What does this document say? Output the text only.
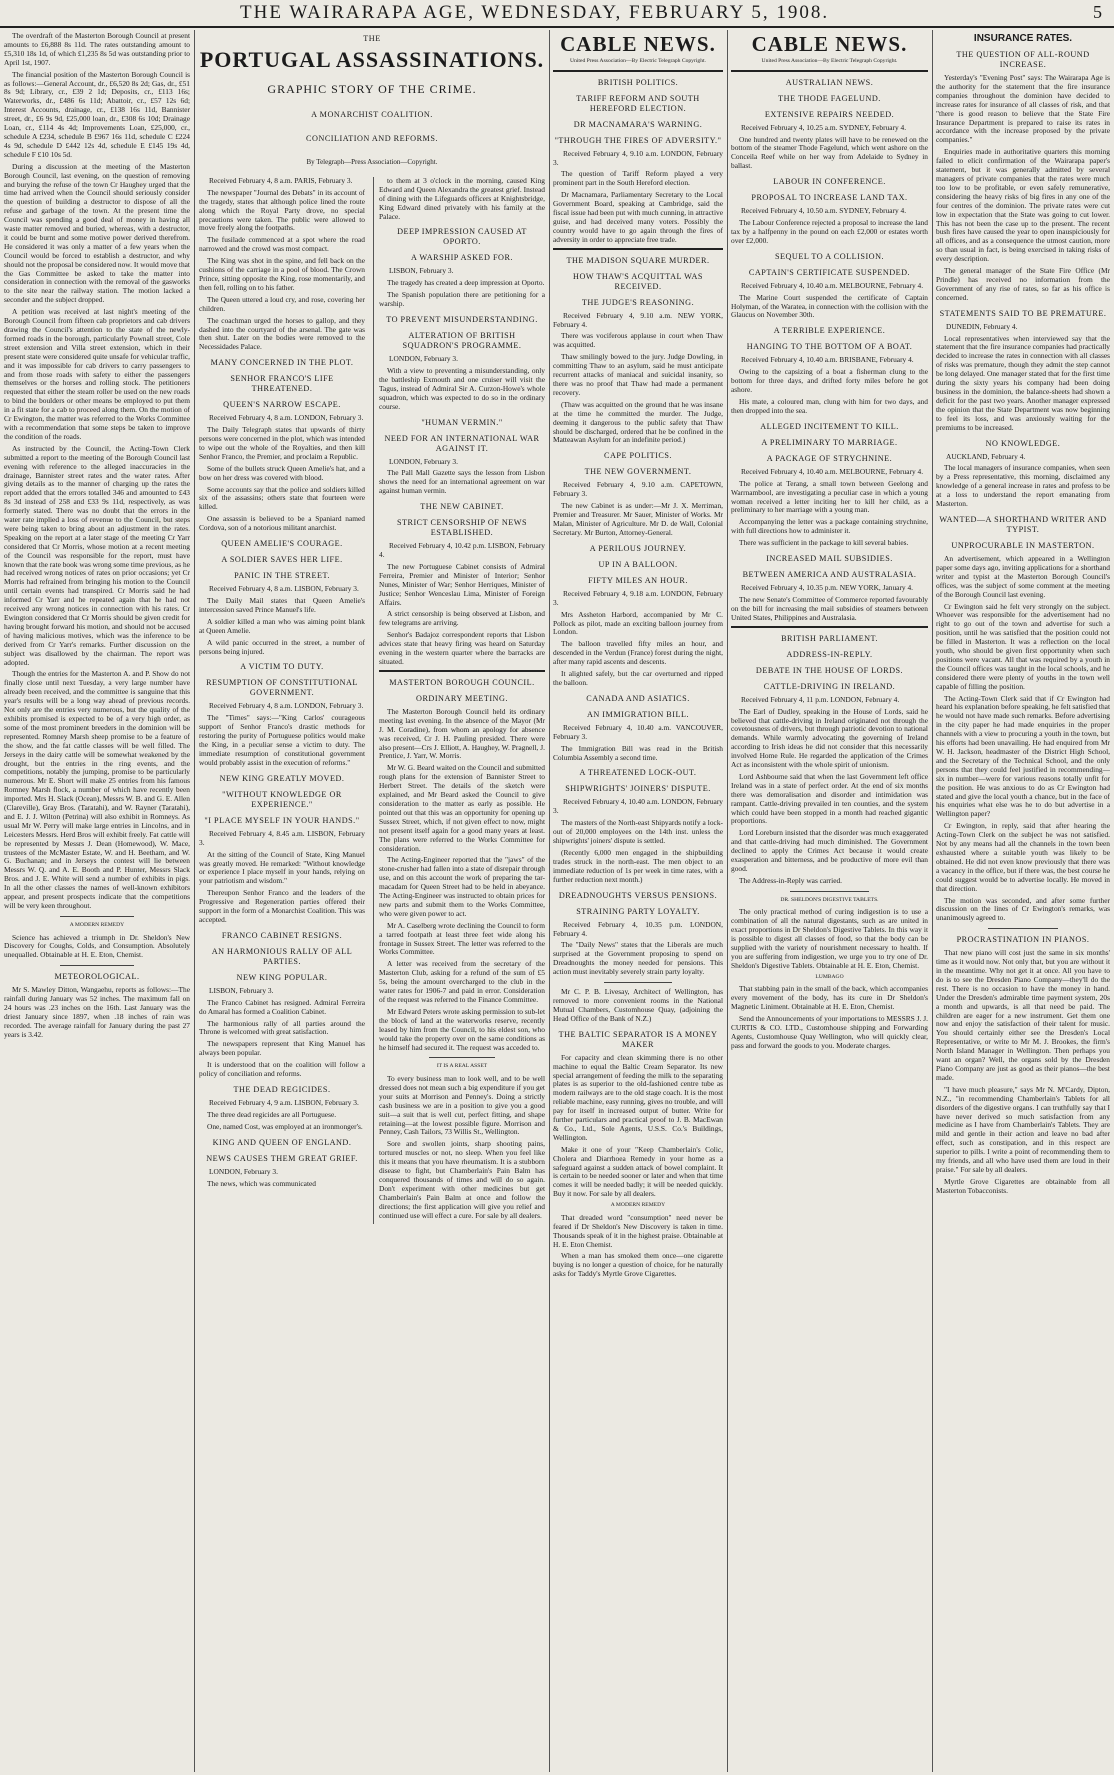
THE WAIRARAPA AGE, WEDNESDAY, FEBRUARY 5, 1908.	5

The overdraft of the Masterton Borough Council at present amounts to £6,888 8s 11d. The rates outstanding amount to £5,310 18s 1d, of which £1,235 8s 5d was outstanding prior to April 1st, 1907.

The financial position of the Masterton Borough Council is as follows:—General Account, dr., £6,520 8s 2d; Gas, dr., £51 8s 9d; Library, cr., £39 2 1d; Deposits, cr., £113 16s; Waterworks, dr., £486 6s 11d; Abattoir, cr., £57 12s 6d; Interest Accounts, drainage, cr., £138 16s 11d, Bannister street, dr., £6 9s 9d, £25,000 loan, dr., £308 6s 10d; Drainage Loan, cr., £114 4s 4d; Improvements Loan, £25,000, cr., schedule A £234, schedule B £967 16s 11d, schedule C £224 4s 9d, schedule D £442 12s 4d, schedule E £145 19s 4d, schedule F £10 10s 5d.

During a discussion at the meeting of the Masterton Borough Council, last evening, on the question of removing and burying the refuse of the town Cr Haughey urged that the time had arrived when the Council should seriously consider the question of building a destructor to dispose of all the refuse and garbage of the town. At the present time the Council was spending a good deal of money in having all waste matter removed and buried, whereas, with a destructor, it could be burnt and some motive power derived therefrom. He considered it was only a matter of a few years when the Council would be forced to establish a destructor, and why should not the proposal be considered now. It would move that the Gas Committee be asked to take the matter into consideration in connection with the removal of the gasworks to the site near the railway station. The motion lacked a seconder and the subject dropped.

A petition was received at last night's meeting of the Borough Council from fifteen cab proprietors and cab drivers drawing the Council's attention to the state of the newly-formed roads in the borough, particularly Pownall street, Cole street extension and Villa street extension, which in their present state were considered quite unsafe for vehicular traffic, and it was impossible for cab drivers to carry passengers to and from those roads with safety to either the passengers themselves or the horses and rolling stock. The petitioners requested that either the steam roller be used on the new roads to bind the boulders or other means be employed to put them in a fit state for a cab to proceed along them. On the motion of Cr Ewington, the matter was referred to the Works Committee with a recommendation that some steps be taken to improve the condition of the roads.

As instructed by the Council, the Acting-Town Clerk submitted a report to the meeting of the Borough Council last evening with reference to the alleged inaccuracies in the drainage, Bannister street rates and the water rates. After giving details as to the manner of charging up the rates the report added that the errors totalled 346 and amounted to £43 8s 3d instead of 258 and £33 9s 11d, respectively, as was formerly stated. There was no doubt that the errors in the water rate implied a loss of revenue to the Council, but steps were being taken to bring about an adjustment in the rates. Speaking on the report at a later stage of the meeting Cr Yarr considered that Cr Morris, whose motion at a recent meeting of the Council was responsible for the report, must have known that the rate book was wrong some time previous, as he had received wrong notices of rates on prior occasions; yet Cr Morris had refrained from bringing his motion to the Council until certain events had transpired. Cr Morris said he had informed Cr Yarr and he repeated again that he had not received any wrong notices in connection with his rates. Cr Ewington considered that Cr Morris should be given credit for having brought forward his motion, and should not be accused of having malicious motives, which was the inference to be derived from Cr Yarr's remarks. Further discussion on the subject was disallowed by the chairman. The report was adopted.

Though the entries for the Masterton A. and P. Show do not finally close until next Tuesday, a very large number have already been received, and the committee is sanguine that this year's results will be a long way ahead of previous records. Not only are the entries very numerous, but the quality of the exhibits promised is expected to be of a very high order, as some of the most prominent breeders in the dominion will be represented. Romney Marsh sheep promise to be a feature of the show, and the fat cattle classes will be well filled. The Jerseys in the dairy cattle will be somewhat weakened by the drought, but the entries in the ring events, and the competitions, notably the jumping, promise to be particularly numerous. Mr E. Short will make 25 entries from his famous Romney Marsh flock, a number of which have recently been imported. Mrs H. Slack (Ocean), Messrs W. B. and G. E. Allen (Clareville), Gray Bros. (Taratahi), and W. Rayner (Taratahi), and E. J. J. Wilton (Petrina) will also exhibit in Romneys. As usual Mr W. Perry will make large entries in Lincolns, and in Leicesters Messrs. Herd Bros will exhibit freely. Fat cattle will be represented by Messrs J. Dean (Homewood), W. Mace, trustees of the McMaster Estate, W. and H. Beetham, and W. G. Buchanan; and in Jerseys the contest will lie between Messrs W. Q. and A. E. Booth and P. Hunter, Messrs Slack Bros. and J. E. White will send a number of exhibits in pigs. In all the other classes the names of well-known exhibitors appear, and present prospects indicate that the competitions will be very keen throughout.

A MODERN REMEDY

Science has achieved a triumph in Dr. Sheldon's New Discovery for Coughs, Colds, and Consumption. Absolutely unequalled. Obtainable at H. E. Eton, Chemist.

METEOROLOGICAL.

Mr S. Mawley Ditton, Wangaehu, reports as follows:—The rainfall during January was 52 inches. The maximum fall on 24 hours was .23 inches on the 16th. Last January was the driest January since 1897, when .18 inches of rain was recorded. The average rainfall for January during the past 27 years is 3.42.

THE
PORTUGAL ASSASSINATIONS.
GRAPHIC STORY OF THE CRIME.
A MONARCHIST COALITION.
CONCILIATION AND REFORMS.
By Telegraph—Press Association—Copyright.

Received February 4, 8 a.m. PARIS, February 3.

The newspaper "Journal des Debats" in its account of the tragedy, states that although police lined the route along which the Royal Party drove, no special precautions were taken. The public were allowed to move freely along the footpaths.

The fusilade commenced at a spot where the road narrowed and the crowd was most compact.

The King was shot in the spine, and fell back on the cushions of the carriage in a pool of blood. The Crown Prince, sitting opposite the King, rose momentarily, and then fell, rolling on to his father.

The Queen uttered a loud cry, and rose, covering her children.

The coachman urged the horses to gallop, and they dashed into the courtyard of the arsenal. The gate was then shut. Later on the bodies were removed to the Necessidades Palace.

MANY CONCERNED IN THE PLOT.
SENHOR FRANCO'S LIFE THREATENED.
QUEEN'S NARROW ESCAPE.

Received February 4, 8 a.m. LONDON, February 3.

The Daily Telegraph states that upwards of thirty persons were concerned in the plot, which was intended to wipe out the whole of the Royalties, and then kill Senhor Franco, the Premier, and proclaim a Republic.

Some of the bullets struck Queen Amelie's hat, and a bow on her dress was covered with blood.

Some accounts say that the police and soldiers killed six of the assassins; others state that fourteen were killed.

One assassin is believed to be a Spaniard named Cordova, son of a notorious militant anarchist.

QUEEN AMELIE'S COURAGE.
A SOLDIER SAVES HER LIFE.
PANIC IN THE STREET.

Received February 4, 8 a.m. LISBON, February 3.

The Daily Mail states that Queen Amelie's intercession saved Prince Manuel's life.

A soldier killed a man who was aiming point blank at Queen Amelie.

A wild panic occurred in the street, a number of persons being injured.

A VICTIM TO DUTY.
RESUMPTION OF CONSTITUTIONAL GOVERNMENT.

Received February 4, 8 a.m. LONDON, February 3.

The "Times" says:—"King Carlos' courageous support of Senhor Franco's drastic methods for restoring the purity of Portuguese politics would make the King, in a peculiar sense a victim to duty. The immediate resumption of constitutional government would probably assist in the execution of reforms."

NEW KING GREATLY MOVED.
"WITHOUT KNOWLEDGE OR EXPERIENCE."
"I PLACE MYSELF IN YOUR HANDS."

Received February 4, 8.45 a.m. LISBON, February 3.

At the sitting of the Council of State, King Manuel was greatly moved. He remarked: "Without knowledge or experience I place myself in your hands, relying on your patriotism and wisdom."

Thereupon Senhor Franco and the leaders of the Progressive and Regeneration parties offered their support in the form of a Monarchist Coalition. This was accepted.

FRANCO CABINET RESIGNS.
AN HARMONIOUS RALLY OF ALL PARTIES.
NEW KING POPULAR.

LISBON, February 3.

The Franco Cabinet has resigned. Admiral Ferreira do Amaral has formed a Coalition Cabinet.

The harmonious rally of all parties around the Throne is welcomed with great satisfaction.

The newspapers represent that King Manuel has always been popular.

It is understood that on the coalition will follow a policy of conciliation and reforms.

THE DEAD REGICIDES.

Received February 4, 9 a.m. LISBON, February 3.

The three dead regicides are all Portuguese.

One, named Cost, was employed at an ironmonger's.

KING AND QUEEN OF ENGLAND.
NEWS CAUSES THEM GREAT GRIEF.

LONDON, February 3.

The news, which was communicated

to them at 3 o'clock in the morning, caused King Edward and Queen Alexandra the greatest grief. Instead of dining with the Lifeguards officers at Knightsbridge, King Edward dined privately with his family at the Palace.

DEEP IMPRESSION CAUSED AT OPORTO.
A WARSHIP ASKED FOR.

LISBON, February 3.

The tragedy has created a deep impression at Oporto.

The Spanish population there are petitioning for a warship.

TO PREVENT MISUNDERSTANDING.
ALTERATION OF BRITISH SQUADRON'S PROGRAMME.

LONDON, February 3.

With a view to preventing a misunderstanding, only the battleship Exmouth and one cruiser will visit the Tagus, instead of Admiral Sir A. Curzon-Howe's whole squadron, which was expected to do so in the ordinary course.

"HUMAN VERMIN."
NEED FOR AN INTERNATIONAL WAR AGAINST IT.

LONDON, February 3.

The Pall Mall Gazette says the lesson from Lisbon shows the need for an international agreement on war against human vermin.

THE NEW CABINET.
STRICT CENSORSHIP OF NEWS ESTABLISHED.

Received February 4, 10.42 p.m. LISBON, February 4.

The new Portuguese Cabinet consists of Admiral Ferreira, Premier and Minister of Interior; Senhor Nunes, Minister of War; Senhor Herriques, Minister of Justice; Senhor Wenceslau Lima, Minister of Foreign Affairs.

A strict censorship is being observed at Lisbon, and few telegrams are arriving.

Senhor's Badajoz correspondent reports that Lisbon advices state that heavy firing was heard on Saturday evening in the western quarter where the barracks are situated.

MASTERTON BOROUGH COUNCIL.
ORDINARY MEETING.

The Masterton Borough Council held its ordinary meeting last evening. In the absence of the Mayor (Mr J. M. Coradine), from whom an apology for absence was received, Cr J. H. Pauling presided. There were also present—Crs J. Elliott, A. Haughey, W. Pragnell, J. Prentice, J. Yarr, W. Morris.

Mr W. G. Beard waited on the Council and submitted rough plans for the extension of Bannister Street to Herbert Street. The details of the sketch were explained, and Mr Beard asked the Council to give consideration to the matter as early as possible. He pointed out that this was an opportunity for opening up Sussex Street, which, if not given effect to now, might not present itself again for a good many years at least. The plans were referred to the Works Committee for consideration.

The Acting-Engineer reported that the "jaws" of the stone-crusher had fallen into a state of disrepair through use, and on this account the work of preparing the tar-macadam for Queen Street had to be held in abeyance. The Acting-Engineer was instructed to obtain prices for new parts and submit them to the Works Committee, who were given power to act.

Mr A. Caselberg wrote declining the Council to form a tarred footpath at least three feet wide along his frontage in Sussex Street. The letter was referred to the Works Committee.

A letter was received from the secretary of the Masterton Club, asking for a refund of the sum of £5 5s, being the amount overcharged to the club in the water rates for 1906-7 and paid in error. Consideration of the request was referred to the Finance Committee.

Mr Edward Peters wrote asking permission to sub-let the block of land at the waterworks reserve, recently leased by him from the Council, to his eldest son, who would take the property over on the same conditions as he himself had secured it. The request was acceded to.

IT IS A REAL ASSET

To every business man to look well, and to be well dressed does not mean such a big expenditure if you get your suits at Morrison and Penney's. Doing a strictly cash business we are in a position to give you a good suit—a suit that is well cut, perfect fitting, and shape retaining—at the lowest possible figure. Morrison and Penney, Cash Tailors, 73 Willis St., Wellington.

Sore and swollen joints, sharp shooting pains, tortured muscles or not, no sleep. When you feel like this it means that you have rheumatism. It is a stubborn disease to fight, but Chamberlain's Pain Balm has conquered thousands of times and will do so again. Don't experiment with other medicines but get Chamberlain's Pain Balm at once and follow the directions; the first application will give you relief and continued use will effect a cure. For sale by all dealers.

CABLE NEWS.
United Press Association—By Electric Telegraph Copyright.
BRITISH POLITICS.
TARIFF REFORM AND SOUTH HEREFORD ELECTION.
DR MACNAMARA'S WARNING.
"THROUGH THE FIRES OF ADVERSITY."

Received February 4, 9.10 a.m. LONDON, February 3.

The question of Tariff Reform played a very prominent part in the South Hereford election.

Dr Macnamara, Parliamentary Secretary to the Local Government Board, speaking at Cambridge, said the fiscal issue had been put with much cunning, in attractive guise, and had deceived many voters. Possibly the country would have to go again through the fires of adversity in order to appreciate free trade.

THE MADISON SQUARE MURDER.
HOW THAW'S ACQUITTAL WAS RECEIVED.
THE JUDGE'S REASONING.

Received February 4, 9.10 a.m. NEW YORK, February 4.

There was vociferous applause in court when Thaw was acquitted.

Thaw smilingly bowed to the jury. Judge Dowling, in committing Thaw to an asylum, said he must anticipate recurrent attacks of maniacal and suicidal insanity, so there was no proof that Thaw had made a permanent recovery.

(Thaw was acquitted on the ground that he was insane at the time he committed the murder. The Judge, deeming it dangerous to the public safety that Thaw should be discharged, ordered that he be confined in the Matteawan Asylum for an indefinite period.)

CAPE POLITICS.
THE NEW GOVERNMENT.

Received February 4, 9.10 a.m. CAPETOWN, February 3.

The new Cabinet is as under:—Mr J. X. Merriman, Premier and Treasurer. Mr Sauer, Minister of Works. Mr Malan, Minister of Agriculture. Mr D. de Wall, Colonial Secretary. Mr Burton, Attorney-General.

A PERILOUS JOURNEY.
UP IN A BALLOON.
FIFTY MILES AN HOUR.

Received February 4, 9.18 a.m. LONDON, February 3.

Mrs Assheton Harbord, accompanied by Mr C. Pollock as pilot, made an exciting balloon journey from London.

The balloon travelled fifty miles an hour, and descended in the Verdun (France) forest during the night, after many rapid ascents and descents.

It alighted safely, but the car overturned and ripped the balloon.

CANADA AND ASIATICS.
AN IMMIGRATION BILL.

Received February 4, 10.40 a.m. VANCOUVER, February 3.

The Immigration Bill was read in the British Columbia Assembly a second time.

A THREATENED LOCK-OUT.
SHIPWRIGHTS' JOINERS' DISPUTE.

Received February 4, 10.40 a.m. LONDON, February 3.

The masters of the North-east Shipyards notify a lock-out of 20,000 employees on the 14th inst. unless the shipwrights' joiners' dispute is settled.

(Recently 6,000 men engaged in the shipbuilding trades struck in the north-east. The men object to an immediate reduction of 1s per week in time rates, with a further reduction next month.)

DREADNOUGHTS VERSUS PENSIONS.
STRAINING PARTY LOYALTY.

Received February 4, 10.35 p.m. LONDON, February 4.

The "Daily News" states that the Liberals are much surprised at the Government proposing to spend on Dreadnoughts the money needed for pensions. This action must inevitably severely strain party loyalty.

Mr C. P. B. Livesay, Architect of Wellington, has removed to more convenient rooms in the National Mutual Chambers, Customhouse Quay, (adjoining the Head Office of the Bank of N.Z.)

THE BALTIC SEPARATOR IS A MONEY MAKER

For capacity and clean skimming there is no other machine to equal the Baltic Cream Separator. Its new special arrangement of feeding the milk to the separating plates is as superior to the old-fashioned centre tube as modern railways are to the old stage coach. It is the most reliable machine, easy running, gives no trouble, and will pay for itself in increased output of butter. Write for further particulars and practical proof to J. B. MacEwan & Co., Ltd., Sole Agents, U.S.S. Co.'s Buildings, Wellington.

Make it one of your "Keep Chamberlain's Colic, Cholera and Diarrhoea Remedy in your home as a safeguard against a sudden attack of bowel complaint. It is certain to be needed sooner or later and when that time comes it will be needed badly; it will be needed quickly. Buy it now. For sale by all dealers.

A MODERN REMEDY

That dreaded word "consumption" need never be feared if Dr Sheldon's New Discovery is taken in time. Thousands speak of it in the highest praise. Obtainable at H. E. Eton Chemist.

When a man has smoked them once—one cigarette buying is no longer a question of choice, for he naturally asks for Taddy's Myrtle Grove Cigarettes.

CABLE NEWS.
United Press Association—By Electric Telegraph Copyright.
AUSTRALIAN NEWS.
THE THODE FAGELUND.
EXTENSIVE REPAIRS NEEDED.

Received February 4, 10.25 a.m. SYDNEY, February 4.

One hundred and twenty plates will have to be renewed on the bottom of the steamer Thode Fagelund, which went ashore on the Conceila Reef while on her way from Adelaide to Sydney in ballast.

LABOUR IN CONFERENCE.
PROPOSAL TO INCREASE LAND TAX.

Received February 4, 10.50 a.m. SYDNEY, February 4.

The Labour Conference rejected a proposal to increase the land tax by a halfpenny in the pound on each £2,000 or estates worth over £2,000.

SEQUEL TO A COLLISION.
CAPTAIN'S CERTIFICATE SUSPENDED.

Received February 4, 10.40 a.m. MELBOURNE, February 4.

The Marine Court suspended the certificate of Captain Holyman, of the Waratea, in connection with the collision with the Glaucus on November 30th.

A TERRIBLE EXPERIENCE.
HANGING TO THE BOTTOM OF A BOAT.

Received February 4, 10.40 a.m. BRISBANE, February 4.

Owing to the capsizing of a boat a fisherman clung to the bottom for three days, and drifted forty miles before he got ashore.

His mate, a coloured man, clung with him for two days, and then dropped into the sea.

ALLEGED INCITEMENT TO KILL.
A PRELIMINARY TO MARRIAGE.
A PACKAGE OF STRYCHNINE.

Received February 4, 10.40 a.m. MELBOURNE, February 4.

The police at Terang, a small town between Geelong and Warrnambool, are investigating a peculiar case in which a young woman received a letter inciting her to kill her child, as a preliminary to her marriage with a young man.

Accompanying the letter was a package containing strychnine, with full directions how to administer it.

There was sufficient in the package to kill several babies.

INCREASED MAIL SUBSIDIES.
BETWEEN AMERICA AND AUSTRALASIA.

Received February 4, 10.35 p.m. NEW YORK, January 4.

The new Senate's Committee of Commerce reported favourably on the bill for increasing the mail subsidies of steamers between United States, Philippines and Australasia.

BRITISH PARLIAMENT.
ADDRESS-IN-REPLY.
DEBATE IN THE HOUSE OF LORDS.
CATTLE-DRIVING IN IRELAND.

Received February 4, 11 p.m. LONDON, February 4.

The Earl of Dudley, speaking in the House of Lords, said he believed that cattle-driving in Ireland originated not through the covetousness of drivers, but through patriotic devotion to national demands. While warmly advocating the governing of Ireland according to Irish ideas he did not consider that this necessarily involved Home Rule. He regarded the application of the Crimes Act as inconsistent with the whole spirit of unionism.

Lord Ashbourne said that when the last Government left office Ireland was in a state of perfect order. At the end of six months there was demoralisation and disorder and intimidation was rampant. Cattle-driving prevailed in ten counties, and the system which could have been stopped in a month had reached gigantic proportions.

Lord Loreburn insisted that the disorder was much exaggerated and that cattle-driving had much diminished. The Government declined to apply the Crimes Act because it would create exasperation and bitterness, and be productive of more evil than good.

The Address-in-Reply was carried.

DR. SHELDON'S DIGESTIVE TABLETS.

The only practical method of curing indigestion is to use a combination of all the natural digestants, such as are united in exact proportions in Dr Sheldon's Digestive Tablets. In this way it is possible to digest all classes of food, so that the body can be supplied with the variety of nourishment necessary to health. If you are suffering from indigestion, we urge you to try one of Dr. Sheldon's Digestive Tablets. Obtainable at H. E. Eton, Chemist.

LUMBAGO

That stabbing pain in the small of the back, which accompanies every movement of the body, has its cure in Dr Sheldon's Magnetic Liniment. Obtainable at H. E. Eton, Chemist.

Send the Announcements of your importations to MESSRS J. J. CURTIS & CO. LTD., Customhouse shipping and Forwarding Agents, Customhouse Quay Wellington, who will quickly clear, pass and forward the goods to you. Moderate charges.

INSURANCE RATES.
THE QUESTION OF ALL-ROUND INCREASE.

Yesterday's "Evening Post" says: The Wairarapa Age is the authority for the statement that the fire insurance companies throughout the dominion have decided to increase rates for insurance of all classes of risk, and that "there is good reason to believe that the State Fire Insurance Department is prepared to raise its rates in accordance with the increase proposed by the private companies."

Enquiries made in authoritative quarters this morning failed to elicit confirmation of the Wairarapa paper's statement, but it was generally admitted by several managers of private companies that the rates were much too low to be profitable, or even safely remunerative, considering the heavy risks of big fires in any one of the four centres of the dominion. The private rates were cut low in expectation that the State was going to cut lower. This has not been the case up to the present. The recent bush fires have caused the year to open inauspiciously for all offices, and as a consequence the utmost caution, more so than usual in fact, is being exercised in taking risks of every description.

The general manager of the State Fire Office (Mr Prindle) has received no information from the Government of any rise of rates, so far as his office is concerned.

STATEMENTS SAID TO BE PREMATURE.

DUNEDIN, February 4.

Local representatives when interviewed say that the statement that the fire insurance companies had practically decided to increase the rates in connection with all classes of risks was premature, though they admit the step cannot be long delayed. One manager stated that for the first time during the sixty years his company had been doing business in the dominion, the balance-sheets had shown a deficit for the past two years. Another manager expressed the opinion that the State Department was now beginning to feel its loss, and was anxiously waiting for the premiums to be increased.

NO KNOWLEDGE.

AUCKLAND, February 4.

The local managers of insurance companies, when seen by a Press representative, this morning, disclaimed any knowledge of a general increase in rates and profess to be at a loss to understand the report emanating from Masterton.

WANTED—A SHORTHAND WRITER AND TYPIST.
UNPROCURABLE IN MASTERTON.

An advertisement, which appeared in a Wellington paper some days ago, inviting applications for a shorthand writer and typist at the Masterton Borough Council's offices, was the subject of some comment at the meeting of the Borough Council last evening.

Cr Ewington said he felt very strongly on the subject. Whoever was responsible for the advertisement had no right to go out of the town and advertise for such a position, until he was satisfied that the position could not be filled in Masterton. It was a reflection on the local youth, who should be given first opportunity when such positions were vacant. All that was required by a youth in the Council offices was taught in the local schools, and he considered there were plenty of youths in the town well capable of filling the position.

The Acting-Town Clerk said that if Cr Ewington had heard his explanation before speaking, he felt satisfied that he would not have made such remarks. Before advertising in the city paper he had made enquiries in the proper channels with a view to procuring a youth in the town, but his efforts had been unavailing. He had enquired from Mr W. H. Jackson, headmaster of the District High School, and the Secretary of the Technical School, and the only persons that they could feel justified in recommending—six in number—were for various reasons totally unfit for the position. He was anxious to do as Cr Ewington had stated and give the local youth a chance, but in the face of his enquiries what else was he to do but advertise in a Wellington paper?

Cr Ewington, in reply, said that after hearing the Acting-Town Clerk on the subject he was not satisfied. Not by any means had all the channels in the town been exhausted where a suitable youth was likely to be obtained. He did not even know previously that there was a vacancy in the office, but if there was, the best course he could suggest would be to advertise locally. He moved in that direction.

The motion was seconded, and after some further discussion on the lines of Cr Ewington's remarks, was unanimously agreed to.

PROCRASTINATION IN PIANOS.

That new piano will cost just the same in six months' time as it would now. Not only that, but you are without it in the meantime. Why not get it at once. All you have to do is to see the Dresden Piano Company—they'll do the rest. There is no occasion to have the money in hand. Under the Dresden's admirable time payment system, 20s a month and upwards, is all that need be paid. The children are eager for a new instrument. Get them one now and enjoy the satisfaction of their talent for music. You should certainly either see the Dresden's Local Representative, or write to Mr M. J. Brookes, the firm's North Island Manager in Wellington. Then perhaps you want an organ? Well, the organs sold by the Dresden Piano Company are just as good as their pianos—the best made.

"I have much pleasure," says Mr N. M'Cardy, Dipton, N.Z., "in recommending Chamberlain's Tablets for all disorders of the digestive organs. I can truthfully say that I have never derived so much satisfaction from any medicine as I have from Chamberlain's Tablets. They are mild and gentle in their action and leave no bad after effect, such as constipation, and in this respect are superior to pills. I write a point of recommending them to my friends, and all who have used them are loud in their praise." For sale by all dealers.

Myrtle Grove Cigarettes are obtainable from all Masterton Tobacconists.
